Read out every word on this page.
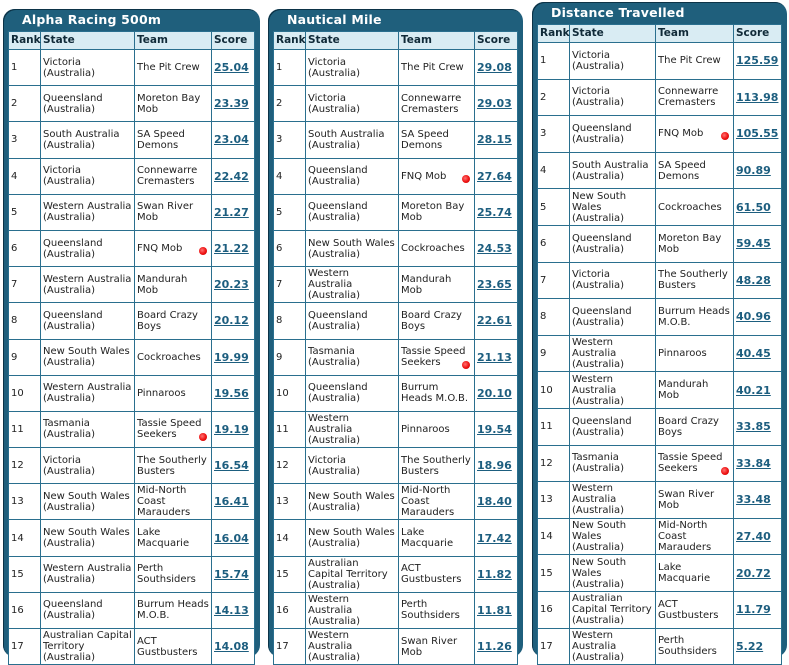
Alpha Racing 500m
Rank	State	Team	Score
1	Victoria (Australia)	The Pit Crew	25.04
2	Queensland (Australia)	Moreton Bay Mob	23.39
3	South Australia (Australia)	SA Speed Demons	23.04
4	Victoria (Australia)	Connewarre Cremasters	22.42
5	Western Australia (Australia)	Swan River Mob	21.27
6	Queensland (Australia)	FNQ Mob	21.22
7	Western Australia (Australia)	Mandurah Mob	20.23
8	Queensland (Australia)	Board Crazy Boys	20.12
9	New South Wales (Australia)	Cockroaches	19.99
10	Western Australia (Australia)	Pinnaroos	19.56
11	Tasmania (Australia)	Tassie Speed Seekers	19.19
12	Victoria (Australia)	The Southerly Busters	16.54
13	New South Wales (Australia)	Mid-North Coast Marauders	16.41
14	New South Wales (Australia)	Lake Macquarie	16.04
15	Western Australia (Australia)	Perth Southsiders	15.74
16	Queensland (Australia)	Burrum Heads M.O.B.	14.13
17	Australian Capital Territory (Australia)	ACT Gustbusters	14.08
Nautical Mile
Rank	State	Team	Score
1	Victoria (Australia)	The Pit Crew	29.08
2	Victoria (Australia)	Connewarre Cremasters	29.03
3	South Australia (Australia)	SA Speed Demons	28.15
4	Queensland (Australia)	FNQ Mob	27.64
5	Queensland (Australia)	Moreton Bay Mob	25.74
6	New South Wales (Australia)	Cockroaches	24.53
7	Western Australia (Australia)	Mandurah Mob	23.65
8	Queensland (Australia)	Board Crazy Boys	22.61
9	Tasmania (Australia)	Tassie Speed Seekers	21.13
10	Queensland (Australia)	Burrum Heads M.O.B.	20.10
11	Western Australia (Australia)	Pinnaroos	19.54
12	Victoria (Australia)	The Southerly Busters	18.96
13	New South Wales (Australia)	Mid-North Coast Marauders	18.40
14	New South Wales (Australia)	Lake Macquarie	17.42
15	Australian Capital Territory (Australia)	ACT Gustbusters	11.82
16	Western Australia (Australia)	Perth Southsiders	11.81
17	Western Australia (Australia)	Swan River Mob	11.26
Distance Travelled
Rank	State	Team	Score
1	Victoria (Australia)	The Pit Crew	125.59
2	Victoria (Australia)	Connewarre Cremasters	113.98
3	Queensland (Australia)	FNQ Mob	105.55
4	South Australia (Australia)	SA Speed Demons	90.89
5	New South Wales (Australia)	Cockroaches	61.50
6	Queensland (Australia)	Moreton Bay Mob	59.45
7	Victoria (Australia)	The Southerly Busters	48.28
8	Queensland (Australia)	Burrum Heads M.O.B.	40.96
9	Western Australia (Australia)	Pinnaroos	40.45
10	Western Australia (Australia)	Mandurah Mob	40.21
11	Queensland (Australia)	Board Crazy Boys	33.85
12	Tasmania (Australia)	Tassie Speed Seekers	33.84
13	Western Australia (Australia)	Swan River Mob	33.48
14	New South Wales (Australia)	Mid-North Coast Marauders	27.40
15	New South Wales (Australia)	Lake Macquarie	20.72
16	Australian Capital Territory (Australia)	ACT Gustbusters	11.79
17	Western Australia (Australia)	Perth Southsiders	5.22
